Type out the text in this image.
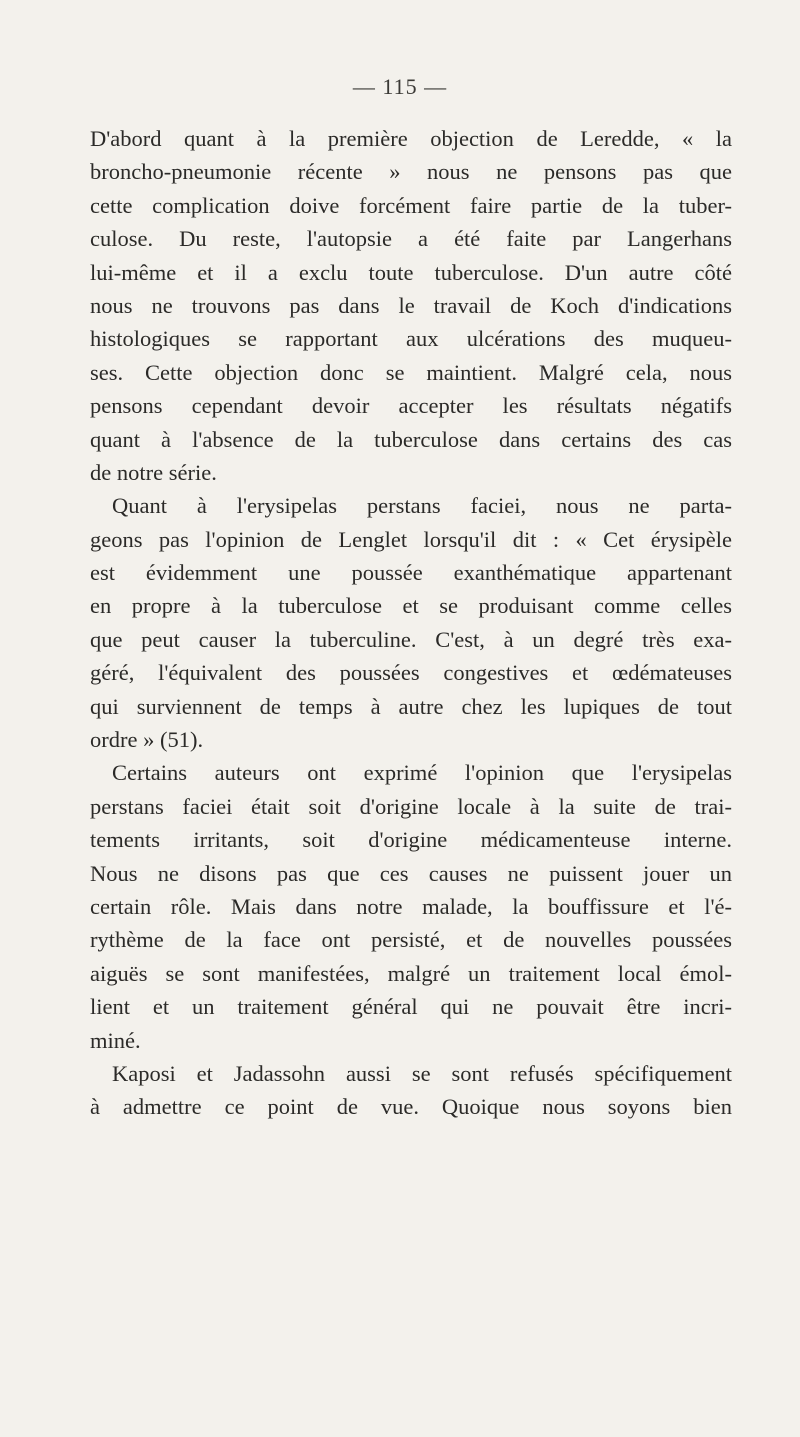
— 115 —
D'abord quant à la première objection de Leredde, « la
broncho-pneumonie récente » nous ne pensons pas que
cette complication doive forcément faire partie de la tuber-
culose. Du reste, l'autopsie a été faite par Langerhans
lui-même et il a exclu toute tuberculose. D'un autre côté
nous ne trouvons pas dans le travail de Koch d'indications
histologiques se rapportant aux ulcérations des muqueu-
ses. Cette objection donc se maintient. Malgré cela, nous
pensons cependant devoir accepter les résultats négatifs
quant à l'absence de la tuberculose dans certains des cas
de notre série.
Quant à l'erysipelas perstans faciei, nous ne parta-
geons pas l'opinion de Lenglet lorsqu'il dit : « Cet érysipèle
est évidemment une poussée exanthématique appartenant
en propre à la tuberculose et se produisant comme celles
que peut causer la tuberculine. C'est, à un degré très exa-
géré, l'équivalent des poussées congestives et œdémateuses
qui surviennent de temps à autre chez les lupiques de tout
ordre » (51).
Certains auteurs ont exprimé l'opinion que l'erysipelas
perstans faciei était soit d'origine locale à la suite de trai-
tements irritants, soit d'origine médicamenteuse interne.
Nous ne disons pas que ces causes ne puissent jouer un
certain rôle. Mais dans notre malade, la bouffissure et l'é-
rythème de la face ont persisté, et de nouvelles poussées
aiguës se sont manifestées, malgré un traitement local émol-
lient et un traitement général qui ne pouvait être incri-
miné.
Kaposi et Jadassohn aussi se sont refusés spécifiquement
à admettre ce point de vue. Quoique nous soyons bien
